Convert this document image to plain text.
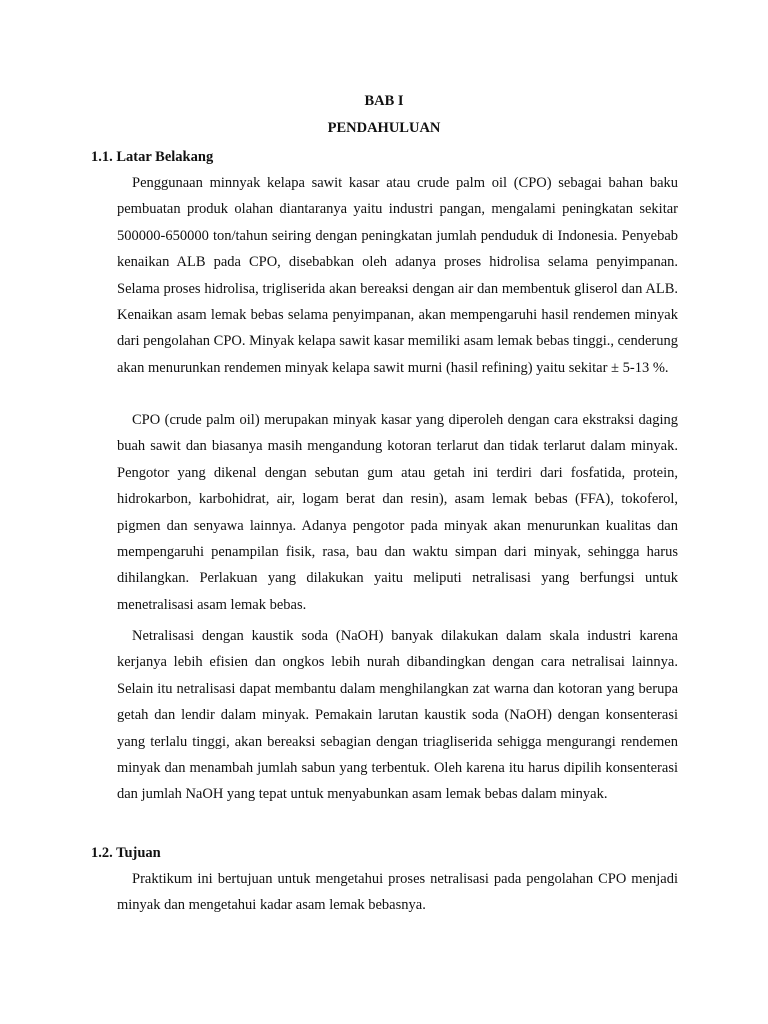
BAB I
PENDAHULUAN
1.1. Latar Belakang

Penggunaan minnyak kelapa sawit kasar atau crude palm oil (CPO) sebagai bahan baku pembuatan produk olahan diantaranya yaitu industri pangan, mengalami peningkatan sekitar 500000-650000 ton/tahun seiring dengan peningkatan jumlah penduduk di Indonesia. Penyebab kenaikan ALB pada CPO, disebabkan oleh adanya proses hidrolisa selama penyimpanan. Selama proses hidrolisa, trigliserida akan bereaksi dengan air dan membentuk gliserol dan ALB. Kenaikan asam lemak bebas selama penyimpanan, akan mempengaruhi hasil rendemen minyak dari pengolahan CPO. Minyak kelapa sawit kasar memiliki asam lemak bebas tinggi., cenderung akan menurunkan rendemen minyak kelapa sawit murni (hasil refining) yaitu sekitar ± 5-13 %.

CPO (crude palm oil) merupakan minyak kasar yang diperoleh dengan cara ekstraksi daging buah sawit dan biasanya masih mengandung kotoran terlarut dan tidak terlarut dalam minyak. Pengotor yang dikenal dengan sebutan gum atau getah ini terdiri dari fosfatida, protein, hidrokarbon, karbohidrat, air, logam berat dan resin), asam lemak bebas (FFA), tokoferol, pigmen dan senyawa lainnya. Adanya pengotor pada minyak akan menurunkan kualitas dan mempengaruhi penampilan fisik, rasa, bau dan waktu simpan dari minyak, sehingga harus dihilangkan. Perlakuan yang dilakukan yaitu meliputi netralisasi yang berfungsi untuk menetralisasi asam lemak bebas.

Netralisasi dengan kaustik soda (NaOH) banyak dilakukan dalam skala industri karena kerjanya lebih efisien dan ongkos lebih nurah dibandingkan dengan cara netralisai lainnya. Selain itu netralisasi dapat membantu dalam menghilangkan zat warna dan kotoran yang berupa getah dan lendir dalam minyak. Pemakain larutan kaustik soda (NaOH) dengan konsenterasi yang terlalu tinggi, akan bereaksi sebagian dengan triagliserida sehigga mengurangi rendemen minyak dan menambah jumlah sabun yang terbentuk. Oleh karena itu harus dipilih konsenterasi dan jumlah NaOH yang tepat untuk menyabunkan asam lemak bebas dalam minyak.

1.2. Tujuan

Praktikum ini bertujuan untuk mengetahui proses netralisasi pada pengolahan CPO menjadi minyak dan mengetahui kadar asam lemak bebasnya.
